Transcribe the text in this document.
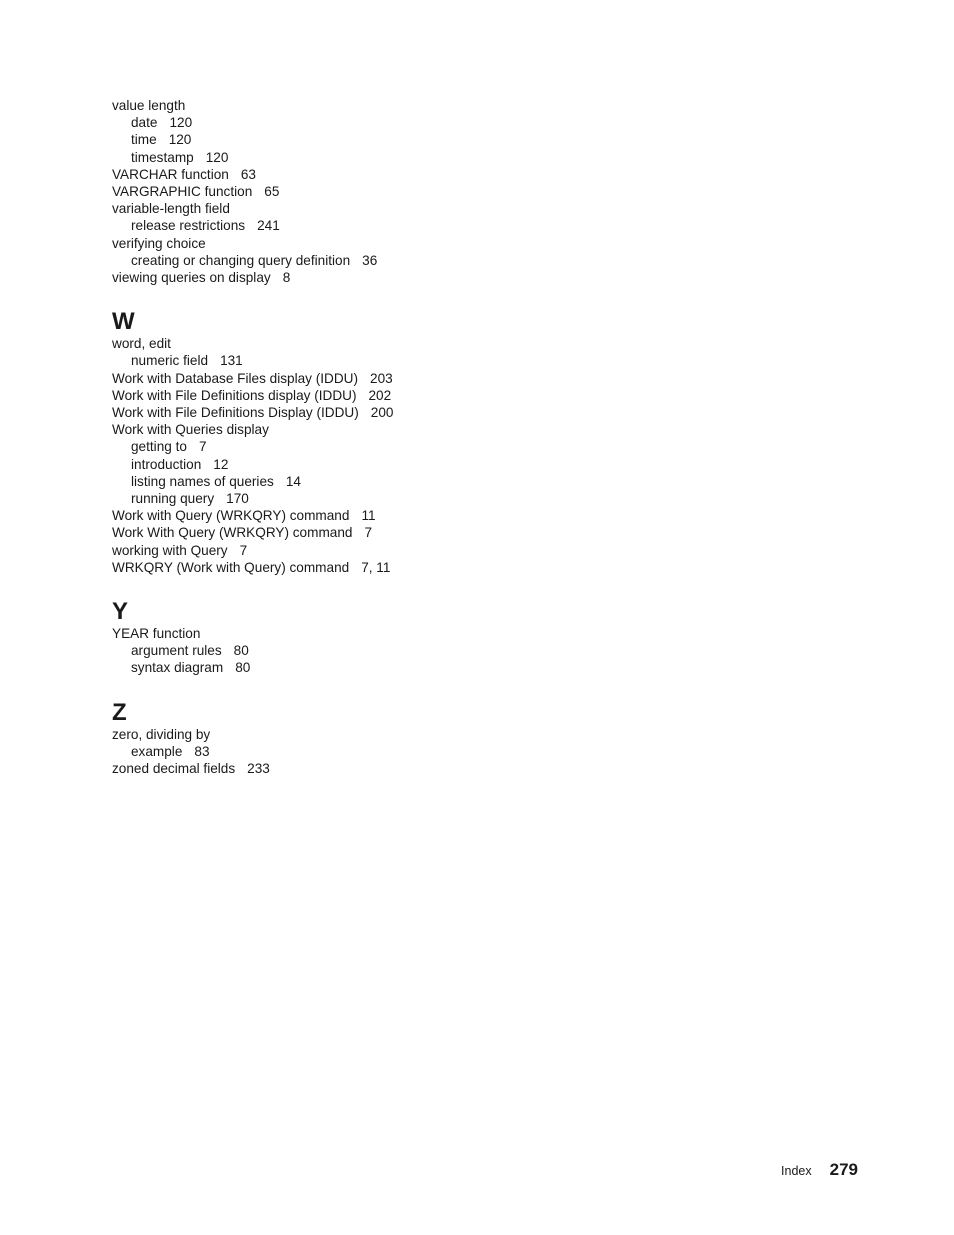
value length
date 120
time 120
timestamp 120
VARCHAR function 63
VARGRAPHIC function 65
variable-length field
release restrictions 241
verifying choice
creating or changing query definition 36
viewing queries on display 8
W
word, edit
numeric field 131
Work with Database Files display (IDDU) 203
Work with File Definitions display (IDDU) 202
Work with File Definitions Display (IDDU) 200
Work with Queries display
getting to 7
introduction 12
listing names of queries 14
running query 170
Work with Query (WRKQRY) command 11
Work With Query (WRKQRY) command 7
working with Query 7
WRKQRY (Work with Query) command 7, 11
Y
YEAR function
argument rules 80
syntax diagram 80
Z
zero, dividing by
example 83
zoned decimal fields 233
Index 279
